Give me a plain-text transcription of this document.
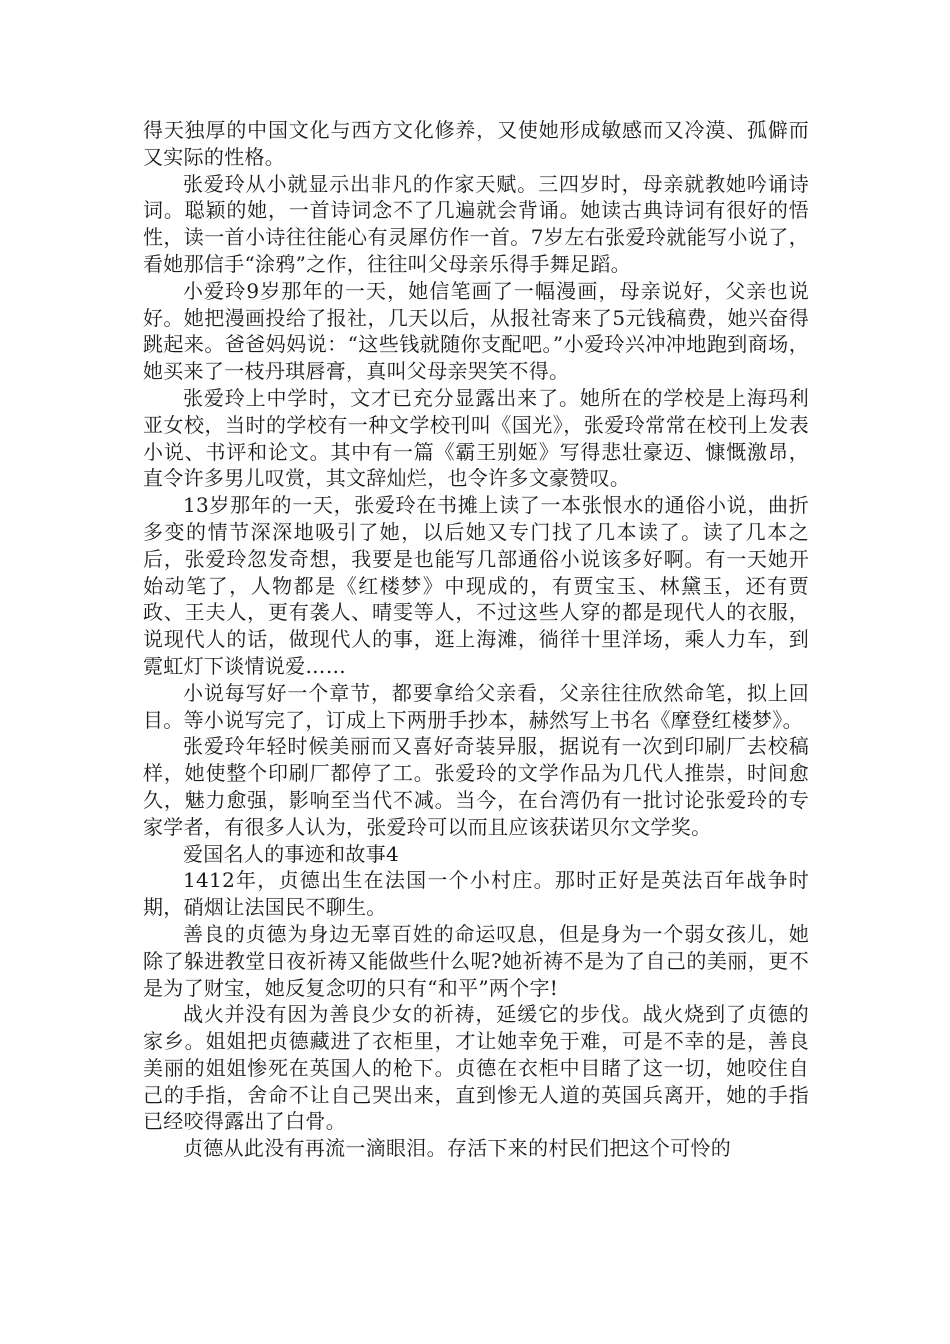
得天独厚的中国文化与西方文化修养，又使她形成敏感而又冷漠、孤僻而又实际的性格。

张爱玲从小就显示出非凡的作家天赋。三四岁时，母亲就教她吟诵诗词。聪颖的她，一首诗词念不了几遍就会背诵。她读古典诗词有很好的悟性，读一首小诗往往能心有灵犀仿作一首。7岁左右张爱玲就能写小说了，看她那信手“涂鸦”之作，往往叫父母亲乐得手舞足蹈。

小爱玲9岁那年的一天，她信笔画了一幅漫画，母亲说好，父亲也说好。她把漫画投给了报社，几天以后，从报社寄来了5元钱稿费，她兴奋得跳起来。爸爸妈妈说：“这些钱就随你支配吧。”小爱玲兴冲冲地跑到商场，她买来了一枝丹琪唇膏，真叫父母亲哭笑不得。

张爱玲上中学时，文才已充分显露出来了。她所在的学校是上海玛利亚女校，当时的学校有一种文学校刊叫《国光》，张爱玲常常在校刊上发表小说、书评和论文。其中有一篇《霸王别姬》写得悲壮豪迈、慷慨激昂，直令许多男儿叹赏，其文辞灿烂，也令许多文豪赞叹。

13岁那年的一天，张爱玲在书摊上读了一本张恨水的通俗小说，曲折多变的情节深深地吸引了她，以后她又专门找了几本读了。读了几本之后，张爱玲忽发奇想，我要是也能写几部通俗小说该多好啊。有一天她开始动笔了，人物都是《红楼梦》中现成的，有贾宝玉、林黛玉，还有贾政、王夫人，更有袭人、晴雯等人，不过这些人穿的都是现代人的衣服，说现代人的话，做现代人的事，逛上海滩，徜徉十里洋场，乘人力车，到霓虹灯下谈情说爱……

小说每写好一个章节，都要拿给父亲看，父亲往往欣然命笔，拟上回目。等小说写完了，订成上下两册手抄本，赫然写上书名《摩登红楼梦》。

张爱玲年轻时候美丽而又喜好奇装异服，据说有一次到印刷厂去校稿样，她使整个印刷厂都停了工。张爱玲的文学作品为几代人推崇，时间愈久，魅力愈强，影响至当代不减。当今，在台湾仍有一批讨论张爱玲的专家学者，有很多人认为，张爱玲可以而且应该获诺贝尔文学奖。

爱国名人的事迹和故事4

1412年，贞德出生在法国一个小村庄。那时正好是英法百年战争时期，硝烟让法国民不聊生。

善良的贞德为身边无辜百姓的命运叹息，但是身为一个弱女孩儿，她除了躲进教堂日夜祈祷又能做些什么呢?她祈祷不是为了自己的美丽，更不是为了财宝，她反复念叨的只有“和平”两个字!

战火并没有因为善良少女的祈祷，延缓它的步伐。战火烧到了贞德的家乡。姐姐把贞德藏进了衣柜里，才让她幸免于难，可是不幸的是，善良美丽的姐姐惨死在英国人的枪下。贞德在衣柜中目睹了这一切，她咬住自己的手指，舍命不让自己哭出来，直到惨无人道的英国兵离开，她的手指已经咬得露出了白骨。

贞德从此没有再流一滴眼泪。存活下来的村民们把这个可怜的
